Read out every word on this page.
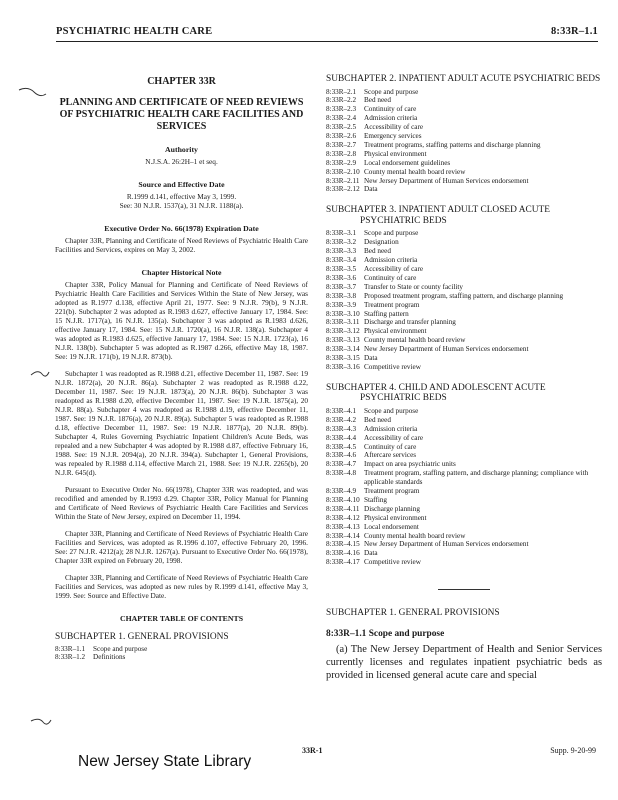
PSYCHIATRIC HEALTH CARE	8:33R–1.1
CHAPTER 33R
PLANNING AND CERTIFICATE OF NEED REVIEWS OF PSYCHIATRIC HEALTH CARE FACILITIES AND SERVICES
Authority
N.J.S.A. 26:2H–1 et seq.
Source and Effective Date
R.1999 d.141, effective May 3, 1999.
See: 30 N.J.R. 1537(a), 31 N.J.R. 1188(a).
Executive Order No. 66(1978) Expiration Date
Chapter 33R, Planning and Certificate of Need Reviews of Psychiatric Health Care Facilities and Services, expires on May 3, 2002.
Chapter Historical Note
Chapter 33R, Policy Manual for Planning and Certificate of Need Reviews of Psychiatric Health Care Facilities and Services Within the State of New Jersey, was adopted as R.1977 d.138, effective April 21, 1977. See: 9 N.J.R. 79(b), 9 N.J.R. 221(b). Subchapter 2 was adopted as R.1983 d.627, effective January 17, 1984. See: 15 N.J.R. 1717(a), 16 N.J.R. 135(a). Subchapter 3 was adopted as R.1983 d.626, effective January 17, 1984. See: 15 N.J.R. 1720(a), 16 N.J.R. 138(a). Subchapter 4 was adopted as R.1983 d.625, effective January 17, 1984. See: 15 N.J.R. 1723(a), 16 N.J.R. 138(b). Subchapter 5 was adopted as R.1987 d.266, effective May 18, 1987. See: 19 N.J.R. 171(b), 19 N.J.R. 873(b).
Subchapter 1 was readopted as R.1988 d.21, effective December 11, 1987. See: 19 N.J.R. 1872(a), 20 N.J.R. 86(a). Subchapter 2 was readopted as R.1988 d.22, December 11, 1987. See: 19 N.J.R. 1873(a), 20 N.J.R. 86(b). Subchapter 3 was readopted as R.1988 d.20, effective December 11, 1987. See: 19 N.J.R. 1875(a), 20 N.J.R. 88(a). Subchapter 4 was readopted as R.1988 d.19, effective December 11, 1987. See: 19 N.J.R. 1876(a), 20 N.J.R. 89(a). Subchapter 5 was readopted as R.1988 d.18, effective December 11, 1987. See: 19 N.J.R. 1877(a), 20 N.J.R. 89(b). Subchapter 4, Rules Governing Psychiatric Inpatient Children's Acute Beds, was repealed and a new Subchapter 4 was adopted by R.1988 d.87, effective February 16, 1988. See: 19 N.J.R. 2094(a), 20 N.J.R. 394(a). Subchapter 1, General Provisions, was repealed by R.1988 d.114, effective March 21, 1988. See: 19 N.J.R. 2265(b), 20 N.J.R. 645(d).
Pursuant to Executive Order No. 66(1978), Chapter 33R was readopted, and was recodified and amended by R.1993 d.29. Chapter 33R, Policy Manual for Planning and Certificate of Need Reviews of Psychiatric Health Care Facilities and Services Within the State of New Jersey, expired on December 11, 1994.
Chapter 33R, Planning and Certificate of Need Reviews of Psychiatric Health Care Facilities and Services, was adopted as R.1996 d.107, effective February 20, 1996. See: 27 N.J.R. 4212(a); 28 N.J.R. 1267(a). Pursuant to Executive Order No. 66(1978), Chapter 33R expired on February 20, 1998.
Chapter 33R, Planning and Certificate of Need Reviews of Psychiatric Health Care Facilities and Services, was adopted as new rules by R.1999 d.141, effective May 3, 1999. See: Source and Effective Date.
CHAPTER TABLE OF CONTENTS
SUBCHAPTER 1. GENERAL PROVISIONS
8:33R–1.1	Scope and purpose
8:33R–1.2	Definitions
SUBCHAPTER 2. INPATIENT ADULT ACUTE PSYCHIATRIC BEDS
8:33R–2.1	Scope and purpose
8:33R–2.2	Bed need
8:33R–2.3	Continuity of care
8:33R–2.4	Admission criteria
8:33R–2.5	Accessibility of care
8:33R–2.6	Emergency services
8:33R–2.7	Treatment programs, staffing patterns and discharge planning
8:33R–2.8	Physical environment
8:33R–2.9	Local endorsement guidelines
8:33R–2.10 County mental health board review
8:33R–2.11 New Jersey Department of Human Services endorsement
8:33R–2.12 Data
SUBCHAPTER 3. INPATIENT ADULT CLOSED ACUTE PSYCHIATRIC BEDS
8:33R–3.1	Scope and purpose
8:33R–3.2	Designation
8:33R–3.3	Bed need
8:33R–3.4	Admission criteria
8:33R–3.5	Accessibility of care
8:33R–3.6	Continuity of care
8:33R–3.7	Transfer to State or county facility
8:33R–3.8	Proposed treatment program, staffing pattern, and discharge planning
8:33R–3.9	Treatment program
8:33R–3.10 Staffing pattern
8:33R–3.11 Discharge and transfer planning
8:33R–3.12 Physical environment
8:33R–3.13 County mental health board review
8:33R–3.14 New Jersey Department of Human Services endorsement
8:33R–3.15 Data
8:33R–3.16 Competitive review
SUBCHAPTER 4. CHILD AND ADOLESCENT ACUTE PSYCHIATRIC BEDS
8:33R–4.1	Scope and purpose
8:33R–4.2	Bed need
8:33R–4.3	Admission criteria
8:33R–4.4	Accessibility of care
8:33R–4.5	Continuity of care
8:33R–4.6	Aftercare services
8:33R–4.7	Impact on area psychiatric units
8:33R–4.8	Treatment program, staffing pattern, and discharge planning; compliance with applicable standards
8:33R–4.9	Treatment program
8:33R–4.10 Staffing
8:33R–4.11 Discharge planning
8:33R–4.12 Physical environment
8:33R–4.13 Local endorsement
8:33R–4.14 County mental health board review
8:33R–4.15 New Jersey Department of Human Services endorsement
8:33R–4.16 Data
8:33R–4.17 Competitive review
SUBCHAPTER 1. GENERAL PROVISIONS
8:33R–1.1 Scope and purpose
(a) The New Jersey Department of Health and Senior Services currently licenses and regulates inpatient psychiatric beds as provided in licensed general acute care and special
33R-1	Supp. 9-20-99
New Jersey State Library
